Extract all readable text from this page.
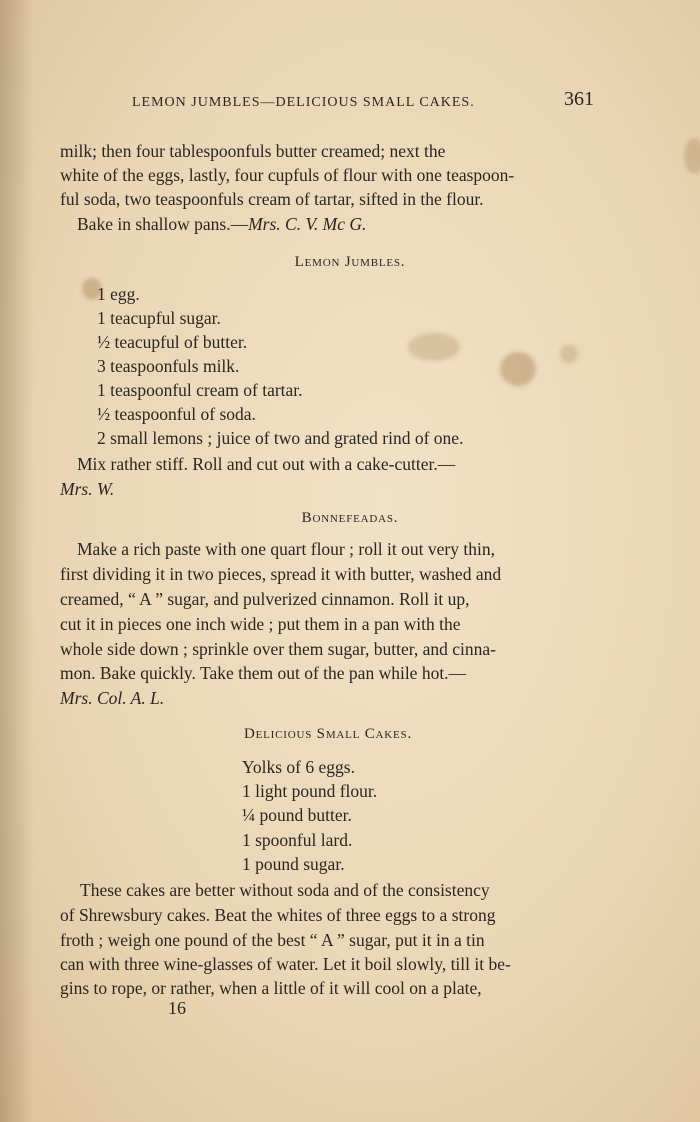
LEMON JUMBLES—DELICIOUS SMALL CAKES.	361
milk; then four tablespoonfuls butter creamed; next the
white of the eggs, lastly, four cupfuls of flour with one teaspoon-
ful soda, two teaspoonfuls cream of tartar, sifted in the flour.
Bake in shallow pans.—Mrs. C. V. Mc G.
Lemon Jumbles.
1 egg.
1 teacupful sugar.
½ teacupful of butter.
3 teaspoonfuls milk.
1 teaspoonful cream of tartar.
½ teaspoonful of soda.
2 small lemons ; juice of two and grated rind of one.
Mix rather stiff. Roll and cut out with a cake-cutter.—
Mrs. W.
Bonnefeadas.
Make a rich paste with one quart flour ; roll it out very thin,
first dividing it in two pieces, spread it with butter, washed and
creamed, “ A ” sugar, and pulverized cinnamon. Roll it up,
cut it in pieces one inch wide ; put them in a pan with the
whole side down ; sprinkle over them sugar, butter, and cinna-
mon. Bake quickly. Take them out of the pan while hot.—
Mrs. Col. A. L.
Delicious Small Cakes.
Yolks of 6 eggs.
1 light pound flour.
¼ pound butter.
1 spoonful lard.
1 pound sugar.
These cakes are better without soda and of the consistency
of Shrewsbury cakes. Beat the whites of three eggs to a strong
froth ; weigh one pound of the best “ A ” sugar, put it in a tin
can with three wine-glasses of water. Let it boil slowly, till it be-
gins to rope, or rather, when a little of it will cool on a plate,
16
